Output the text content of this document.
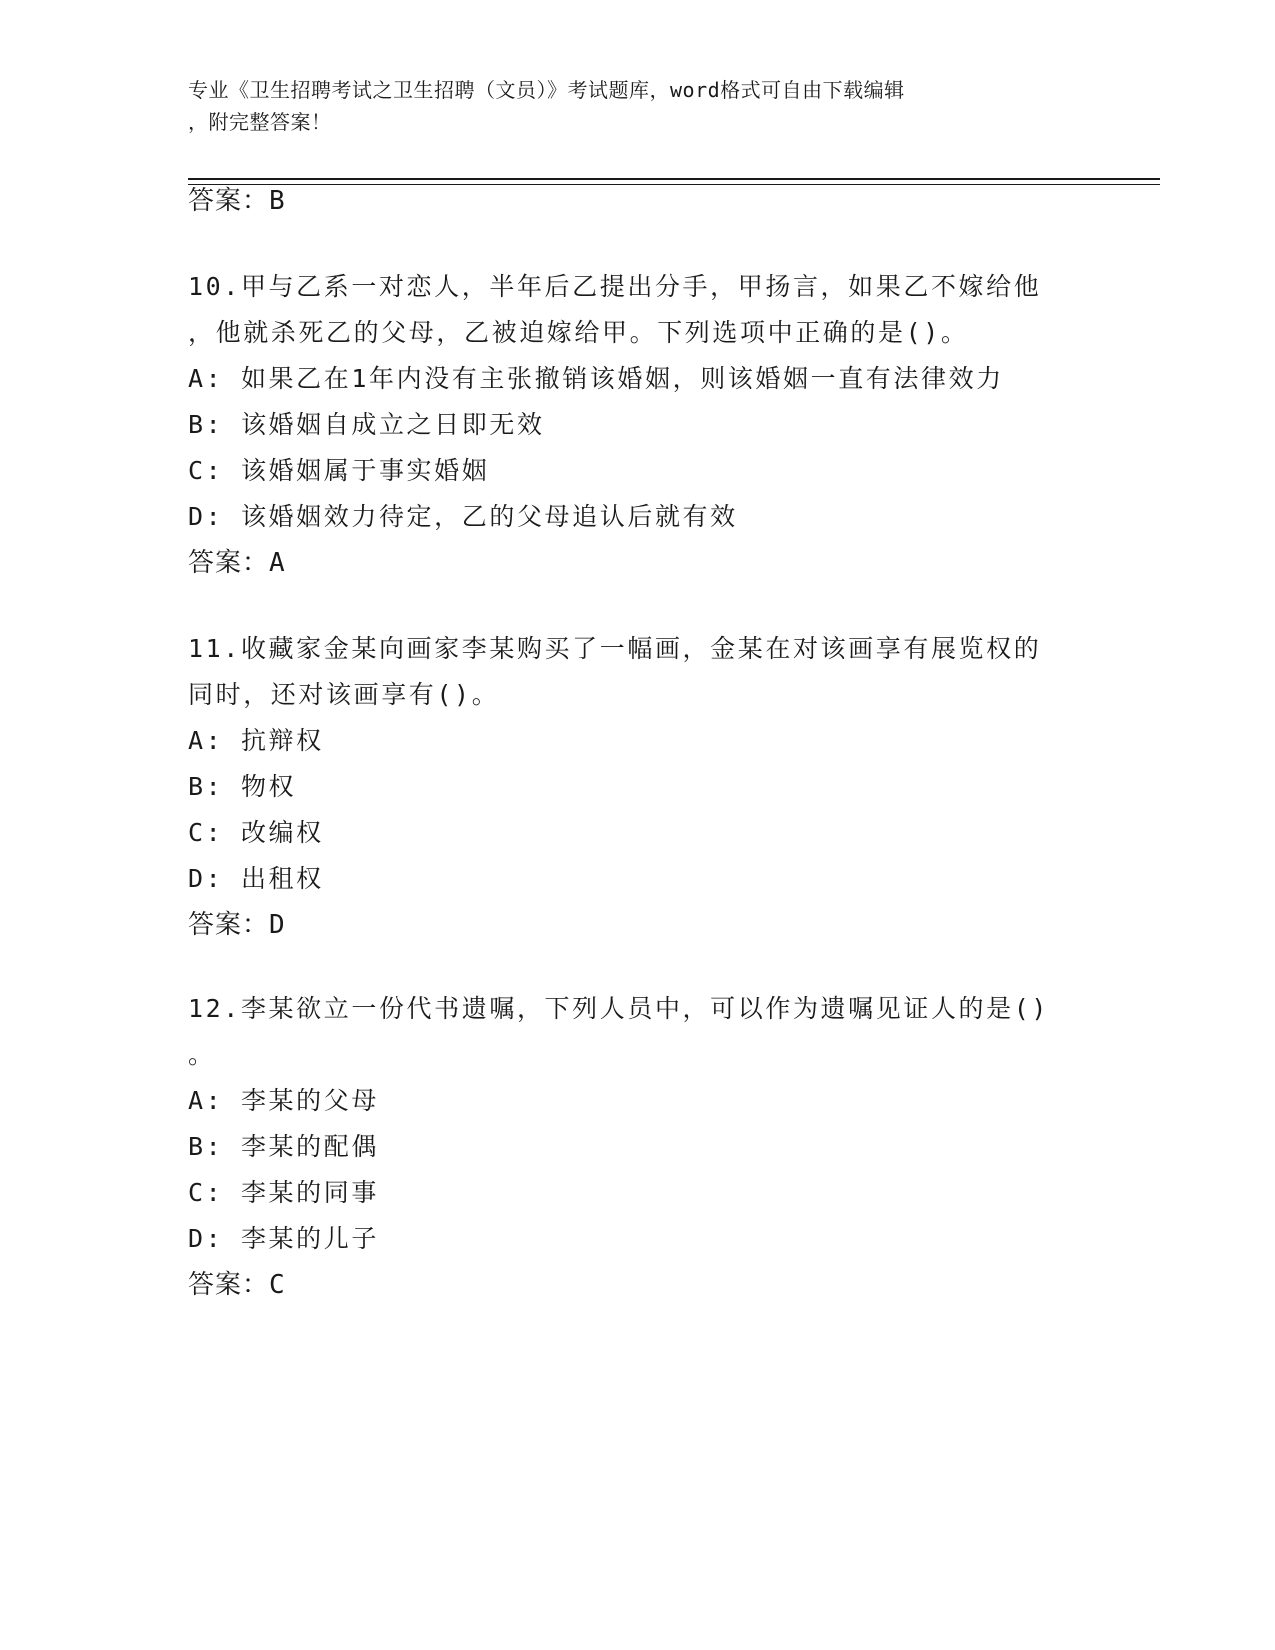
专业《卫生招聘考试之卫生招聘（文员）》考试题库，word格式可自由下载编辑
，附完整答案！
答案：B
10.甲与乙系一对恋人，半年后乙提出分手，甲扬言，如果乙不嫁给他
，他就杀死乙的父母，乙被迫嫁给甲。下列选项中正确的是()。
A: 如果乙在1年内没有主张撤销该婚姻，则该婚姻一直有法律效力
B: 该婚姻自成立之日即无效
C: 该婚姻属于事实婚姻
D: 该婚姻效力待定，乙的父母追认后就有效
答案：A
11.收藏家金某向画家李某购买了一幅画，金某在对该画享有展览权的
同时，还对该画享有()。
A: 抗辩权
B: 物权
C: 改编权
D: 出租权
答案：D
12.李某欲立一份代书遗嘱，下列人员中，可以作为遗嘱见证人的是()
。
A: 李某的父母
B: 李某的配偶
C: 李某的同事
D: 李某的儿子
答案：C
